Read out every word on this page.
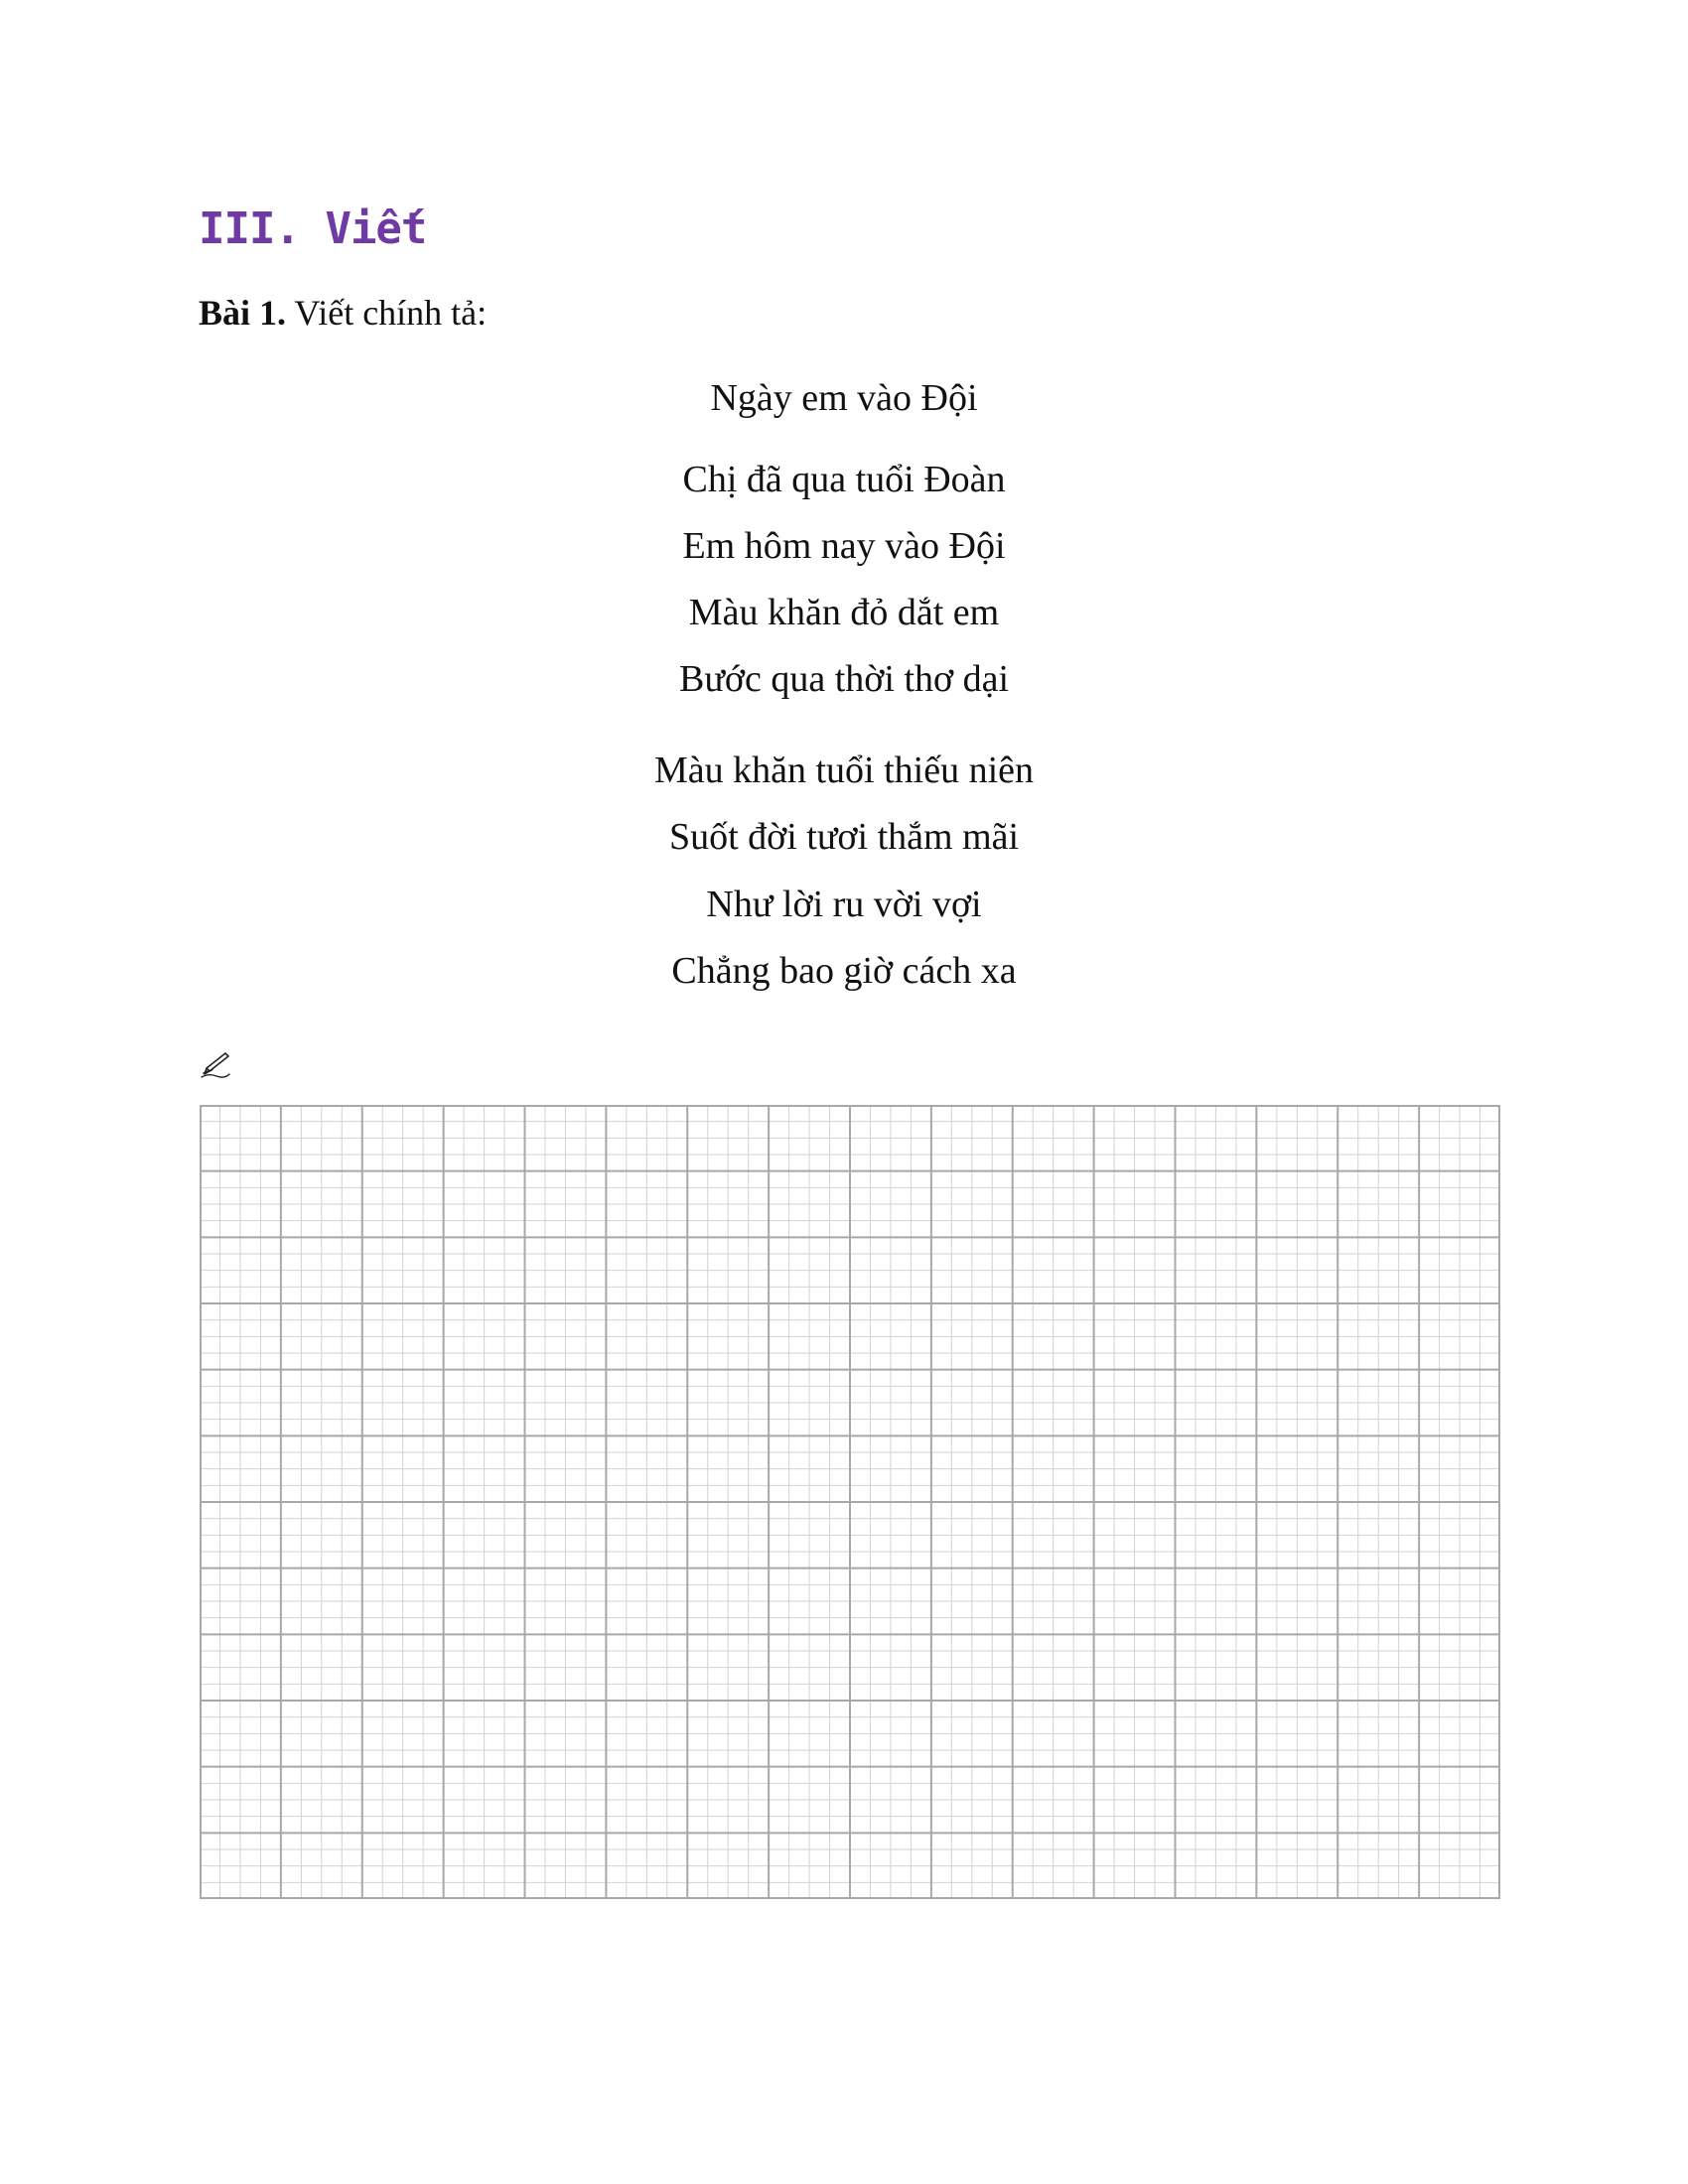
III. Viết

Bài 1. Viết chính tả:

Ngày em vào Đội

Chị đã qua tuổi Đoàn

Em hôm nay vào Đội

Màu khăn đỏ dắt em

Bước qua thời thơ dại

Màu khăn tuổi thiếu niên

Suốt đời tươi thắm mãi

Như lời ru vời vợi

Chẳng bao giờ cách xa
